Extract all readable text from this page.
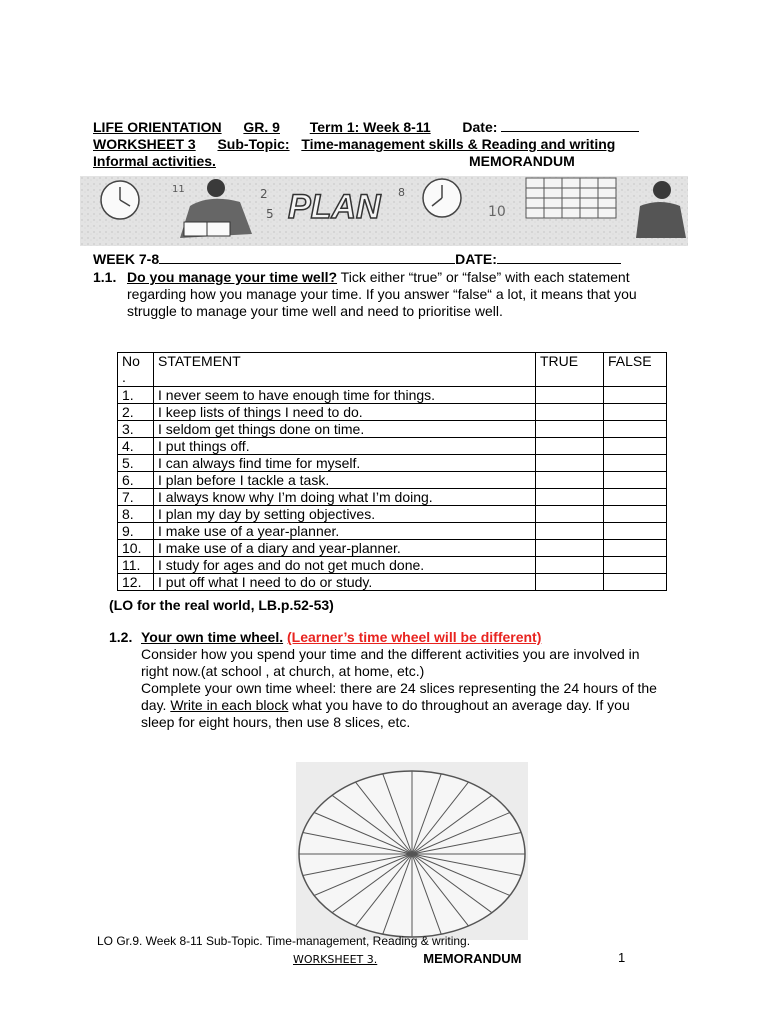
LIFE ORIENTATION GR. 9 Term 1: Week 8-11 Date:
WORKSHEET 3 Sub-Topic: Time-management skills & Reading and writing
Informal activities.	MEMORANDUM
11	2
5 PLAN 8
10
WEEK 7-8	DATE:
1.1. Do you manage your time well? Tick either “true” or “false” with each statement regarding how you manage your time. If you answer “false“ a lot, it means that you struggle to manage your time well and need to prioritise well.
No
.	STATEMENT	TRUE	FALSE
1.	I never seem to have enough time for things.		
2.	I keep lists of things I need to do.		
3.	I seldom get things done on time.		
4.	I put things off.		
5.	I can always find time for myself.		
6.	I plan before I tackle a task.		
7.	I always know why I’m doing what I’m doing.		
8.	I plan my day by setting objectives.		
9.	I make use of a year-planner.		
10.	I make use of a diary and year-planner.		
11.	I study for ages and do not get much done.		
12.	I put off what I need to do or study.		
(LO for the real world, LB.p.52-53)
1.2. Your own time wheel. (Learner’s time wheel will be different)
Consider how you spend your time and the different activities you are involved in right now.(at school , at church, at home, etc.)
Complete your own time wheel: there are 24 slices representing the 24 hours of the day. Write in each block what you have to do throughout an average day. If you sleep for eight hours, then use 8 slices, etc.
LO Gr.9. Week 8-11 Sub-Topic. Time-management, Reading & writing.
WORKSHEET 3.	MEMORANDUM	1
